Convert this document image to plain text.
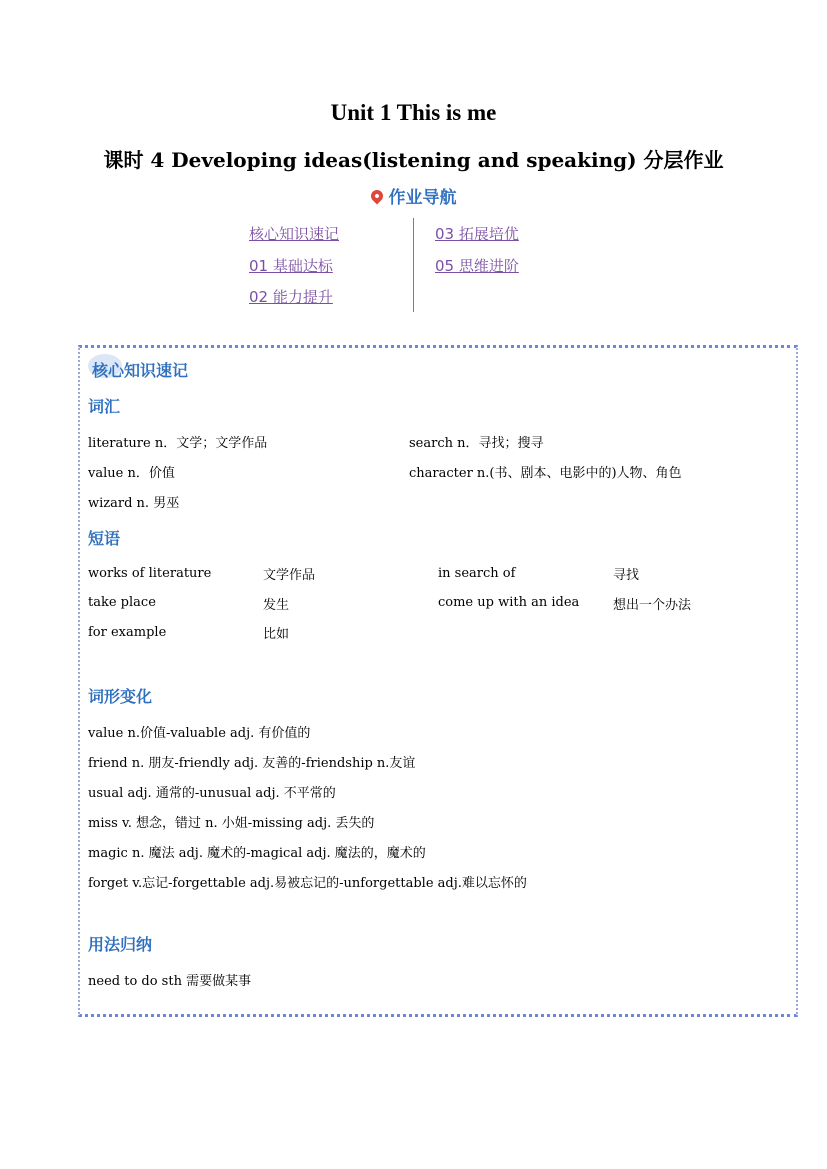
Unit 1 This is me
课时 4 Developing ideas(listening and speaking) 分层作业
作业导航
核心知识速记
01 基础达标
02 能力提升
03 拓展培优
05 思维进阶
核心知识速记
词汇
literature n．文学；文学作品	search n．寻找；搜寻
value n．价值	character n.(书、剧本、电影中的)人物、角色
wizard n. 男巫
短语
works of literature	文学作品	in search of	寻找
take place	发生	come up with an idea	想出一个办法
for example	比如
词形变化
value n.价值-valuable adj. 有价值的
friend n. 朋友-friendly adj. 友善的-friendship n.友谊
usual adj. 通常的-unusual adj. 不平常的
miss v. 想念，错过 n. 小姐-missing adj. 丢失的
magic n. 魔法 adj. 魔术的-magical adj. 魔法的，魔术的
forget v.忘记-forgettable adj.易被忘记的-unforgettable adj.难以忘怀的
用法归纳
need to do sth 需要做某事
